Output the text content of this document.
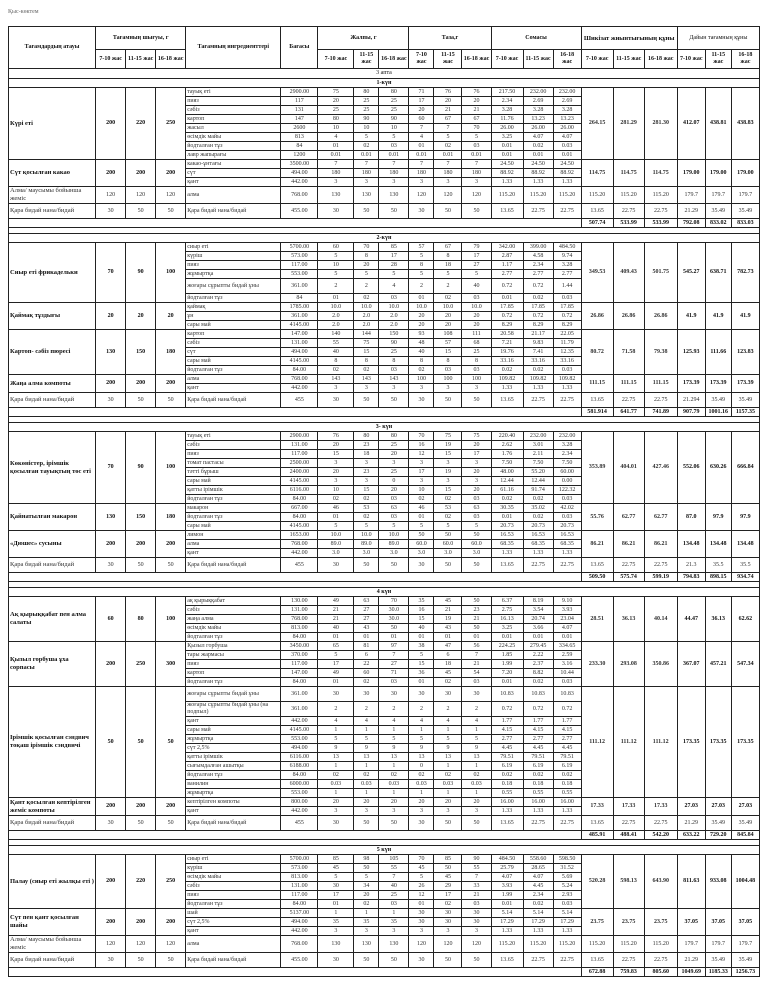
Қыс-көктем
Тағамдардың атауы	Тағамның шығуы, г			Тағамның ингредиенттері	Бағасы	Жалпы, г			Таза,г			Сомасы			Шикізат жиынтығының құны			Дайын тағамның құны		
	7-10 жас	11-15 жас	16-18 жас			7-10 жас	11-15 жас	16-18 жас	7-10 жас	11-15 жас	16-18 жас	7-10 жас	11-15 жас	16-18 жас	7-10 жас	11-15 жас	16-18 жас	7-10 жас	11-15 жас	16-18 жас
3 апта																				
1-күн																				
Күрі еті	200	220	250	тауық еті	2900.00	75	80	80	71	76	76	217.50	232.00	232.00	264.15	281.29	281.30	412.07	438.81	438.83
				пияз	117	20	25	25	17	20	20	2.34	2.69	2.69						
				сәбіз	131	25	25	25	20	21	21	3.28	3.28	3.28						
				картоп	147	80	90	90	60	67	67	11.76	13.23	13.23						
				жасыл	2600	10	10	10	7	7	70	26.00	26.00	26.00						
				өсімдік майы	813	4	5	5	4	5	5	3.25	4.07	4.07						
				йодталған тұз	84	01	02	03	01	02	03	0.01	0.02	0.03						
				лавр жапырағы	1200	0.01	0.01	0.01	0.01	0.01	0.01	0.01	0.01	0.01						
Сүт қосылған какао	200	200	200	какао-ұнтағы	3500.00	7	7	7	7	7	7	24.50	24.50	24.50	114.75	114.75	114.75	179.00	179.00	179.00
				сүт	494.00	180	180	180	180	180	180	88.92	88.92	88.92						
				қант	442.00	3	3	3	3	3	3	1.33	1.33	1.33						
Алма/ маусымы бойынша жеміс	120	120	120	алма	768.00	130	130	130	120	120	120	115.20	115.20	115.20	115.20	115.20	115.20	179.7	179.7	179.7
Қара бидай нана/бидай	30	50	50	Қара бидай нана/бидай	455.00	30	50	50	30	50	50	13.65	22.75	22.75	13.65	22.75	22.75	21.29	35.49	35.49
															507.74	533.99	533.99	792.08	833.02	833.03

2-күн																				
Сиыр еті фрикадельки	70	90	100	сиыр еті	5700.00	60	70	85	57	67	79	342.00	399.00	484.50	349.53	409.43	501.75	545.27	638.71	782.73
				күріш	573.00	5	8	17	5	8	17	2.87	4.58	9.74						
				пияз	117.00	10	20	28	8	18	27	1.17	2.34	3.28						
				жұмыртқа	553.00	5	5	5	5	5	5	2.77	2.77	2.77						
				жоғары сұрыпты бидай ұны	361.00	2	2	4	2	2	40	0.72	0.72	1.44						
				йодталған тұз	84	01	02	03	01	02	03	0.01	0.02	0.03						
Қаймақ тұздығы	20	20	20	қаймақ	1785.00	10.0	10.0	10.0	10.0	10.0	10.0	17.85	17.85	17.85	26.86	26.86	26.86	41.9	41.9	41.9
				ұн	361.00	2.0	2.0	2.0	20	20	20	0.72	0.72	0.72						
				сары май	4145.00	2.0	2.0	2.0	20	20	20	8.29	8.29	8.29						
Картоп- сәбіз пюресі	130	150	180	картоп	147.00	140	144	150	93	108	111	20.58	21.17	22.05	80.72	71.58	79.38	125.93	111.66	123.83
				сәбіз	131.00	55	75	90	48	57	68	7.21	9.83	11.79						
				сүт	494.00	40	15	25	40	15	25	19.76	7.41	12.35						
				сары май	4145.00	8	8	8	8	8	8	33.16	33.16	33.16						
				йодталған тұз	84.00	02	02	03	02	03	03	0.02	0.02	0.03						
Жаңа алма компоты	200	200	200	алма	768.00	143	143	143	100	100	100	109.82	109.82	109.82	111.15	111.15	111.15	173.39	173.39	173.39
				қант	442.00	3	3	3	3	3	3	1.33	1.33	1.33						
Қара бидай нана/бидай	30	50	50	Қара бидай нана/бидай	455	30	50	50	30	50	50	13.65	22.75	22.75	13.65	22.75	22.75	21.294	35.49	35.49
															581.914	641.77	741.89	907.79	1001.16	1157.35

3- күн																				
Көкөністер, ірімшік қосылған тауықтың төс еті	70	90	100	тауық еті	2900.00	76	80	80	70	75	75	220.40	232.00	232.00	353.89	404.01	427.46	552.06	630.26	666.84
				сәбіз	131.00	20	23	25	16	19	20	2.62	3.01	3.28						
				пияз	117.00	15	18	20	12	15	17	1.76	2.11	2.34						
				томат пастасы	2500.00	3	3	3	3	3	3	7.50	7.50	7.50						
				тәтті бұрыш	2400.00	20	23	25	17	19	20	48.00	55.20	60.00						
				сары май	4145.00	3	3	0	3	3	3	12.44	12.44	0.00						
				қатты ірімшік	6116.00	10	15	20	10	15	20	61.16	91.74	122.32						
				йодталған тұз	84.00	02	02	03	02	02	03	0.02	0.02	0.03						
Қайнатылған макарон	130	150	180	макарон	667.00	46	53	63	46	53	63	30.35	35.02	42.02	55.76	62.77	62.77	87.0	97.9	97.9
				йодталған тұз	84.00	01	02	03	01	02	03	0.01	0.02	0.03						
				сары май	4145.00	5	5	5	5	5	5	20.73	20.73	20.73						
«Дюшес» сусыны	200	200	200	лимон	1653.00	10.0	10.0	10.0	50	50	50	16.53	16.53	16.53	86.21	86.21	86.21	134.48	134.48	134.48
				алма	768.00	89.0	89.0	89.0	60.0	60.0	60.0	68.35	68.35	68.35						
				қант	442.00	3.0	3.0	3.0	3.0	3.0	3.0	1.33	1.33	1.33						
Қара бидай нана/бидай	30	50	50	Қара бидай нана/бидай	455	30	50	50	30	50	50	13.65	22.75	22.75	13.65	22.75	22.75	21.3	35.5	35.5
															509.50	575.74	599.19	794.83	898.15	934.74

4 күн																				
Ақ қырыққабат пен алма салаты	60	80	100	ақ қырыққабат	130.00	49	63	70	35	45	50	6.37	8.19	9.10	28.51	36.13	40.14	44.47	36.13	62.62
				сәбіз	131.00	21	27	30.0	16	21	23	2.75	3.54	3.93						
				жаңа алма	768.00	21	27	30.0	15	19	21	16.13	20.74	23.04						
				өсімдік майы	813.00	40	43	50	40	43	50	3.25	3.66	4.07						
				йодталған тұз	84.00	01	01	01	01	01	01	0.01	0.01	0.01						
Қызыл горбуша ұха сорпасы	200	250	300	Қызыл горбуша	3450.00	65	81	97	38	47	56	224.25	279.45	334.65	233.30	293.08	350.86	367.07	457.21	547.34
				тары жармасы	370.00	5	6	7	5	6	7	1.85	2.22	2.59						
				пияз	117.00	17	22	27	15	18	21	1.99	2.37	3.16						
				картоп	147.00	49	60	71	36	45	54	7.20	8.82	10.44						
				йодталған тұз	84.00	01	02	03	01	02	03	0.01	0.02	0.03						
Ірімшік қосылған сэндвич тоқаш ірімшік сэндвичі	50	50	50	жоғары сұрыпты бидай ұны	361.00	30	30	30	30	30	30	10.83	10.83	10.83	111.12	111.12	111.12	173.35	173.35	173.35
				жоғары сұрыпты бидай ұны (на подпыл)	361.00	2	2	2	2	2	2	0.72	0.72	0.72						
				қант	442.00	4	4	4	4	4	4	1.77	1.77	1.77						
				сары май	4145.00	1	1	1	1	1	1	4.15	4.15	4.15						
				жұмыртқа	553.00	5	5	5	5	5	5	2.77	2.77	2.77						
				сүт 2,5%	494.00	9	9	9	9	9	9	4.45	4.45	4.45						
				қатты ірімшік	6116.00	13	13	13	13	13	13	79.51	79.51	79.51						
				сығымдалған ашытқы	6188.00	1	1	1	0	1	1	6.19	6.19	6.19						
				йодталған тұз	84.00	02	02	02	02	02	02	0.02	0.02	0.02						
				ванилин	6000.00	0.03	0.03	0.03	0.03	0.03	0.03	0.18	0.18	0.18						
				жұмыртқа	553.00	1	1	1	1	1	1	0.55	0.55	0.55						
Қант қосылған кептірілген жеміс компоты	200	200	200	кептірілген компоты	800.00	20	20	20	20	20	20	16.00	16.00	16.00	17.33	17.33	17.33	27.03	27.03	27.03
				қант	442.00	3	3	3	3	3	3	1.33	1.33	1.33						
Қара бидай нана/бидай	30	50	50	Қара бидай нана/бидай	455	30	50	50	30	50	50	13.65	22.75	22.75	13.65	22.75	22.75	21.29	35.49	35.49
															485.91	488.41	542.20	633.22	729.20	845.84

5 күн																				
Палау (сиыр еті жылқы еті )	200	220	250	сиыр еті	5700.00	85	98	105	70	85	90	484.50	558.60	598.50	520.28	598.13	643.90	811.63	933.08	1004.48
				күріш	573.00	45	50	55	45	50	55	25.79	28.65	31.52						
				өсімдік майы	813.00	5	5	7	5	45	7	4.07	4.07	5.69						
				сәбіз	131.00	30	34	40	26	29	33	3.93	4.45	5.24						
				пияз	117.00	17	20	25	12	17	21	1.99	2.34	2.93						
				йодталған тұз	84.00	01	02	03	01	02	03	0.01	0.02	0.03						
Сүт пен қант қосылған шайы	200	200	200	шай	5137.00	1	1	1	30	30	30	5.14	5.14	5.14	23.75	23.75	23.75	37.05	37.05	37.05
				сүт 2,5%	494.00	35	35	35	30	30	30	17.29	17.29	17.29						
				қант	442.00	3	3	3	3	3	3	1.33	1.33	1.33						
Алма/ маусымы бойынша жеміс	120	120	120	алма	768.00	130	130	130	120	120	120	115.20	115.20	115.20	115.20	115.20	115.20	179.7	179.7	179.7
Қара бидай нана/бидай	30	50	50	Қара бидай нана/бидай	455.00	30	50	50	30	50	50	13.65	22.75	22.75	13.65	22.75	22.75	21.29	35.49	35.49
															672.88	759.83	805.60	1049.69	1185.33	1256.73
